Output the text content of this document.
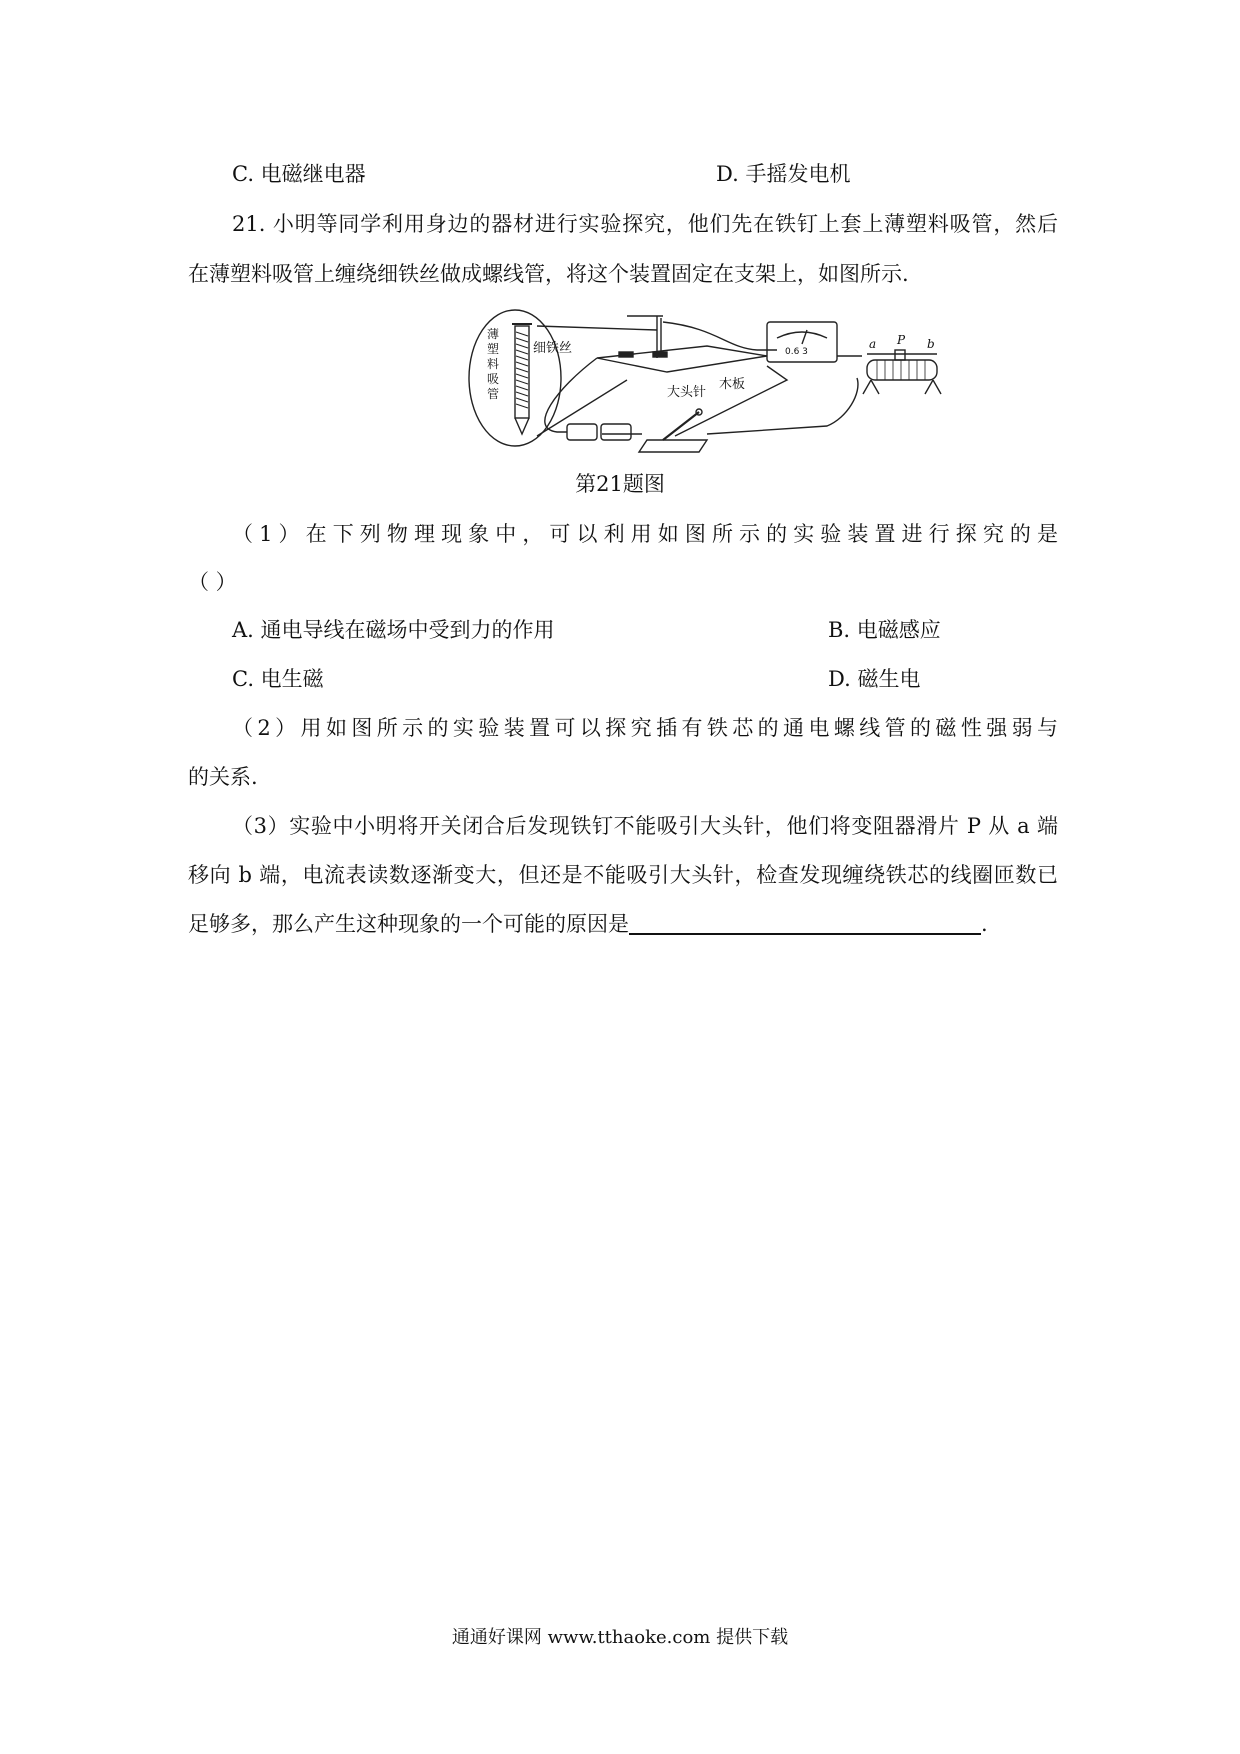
C. 电磁继电器	D. 手摇发电机
21. 小明等同学利用身边的器材进行实验探究，他们先在铁钉上套上薄塑料吸管，然后
在薄塑料吸管上缠绕细铁丝做成螺线管，将这个装置固定在支架上，如图所示.
薄
塑
料
吸
管
细铁丝
大头针
木板
0.6 3
a P b
第21题图
（1）在下列物理现象中，可以利用如图所示的实验装置进行探究的是
（ ）
A. 通电导线在磁场中受到力的作用	B. 电磁感应
C. 电生磁	D. 磁生电
（2）用如图所示的实验装置可以探究插有铁芯的通电螺线管的磁性强弱与
的关系.
（3）实验中小明将开关闭合后发现铁钉不能吸引大头针，他们将变阻器滑片 P 从 a 端
移向 b 端，电流表读数逐渐变大，但还是不能吸引大头针，检查发现缠绕铁芯的线圈匝数已
足够多，那么产生这种现象的一个可能的原因是	.
通通好课网 www.tthaoke.com 提供下载
